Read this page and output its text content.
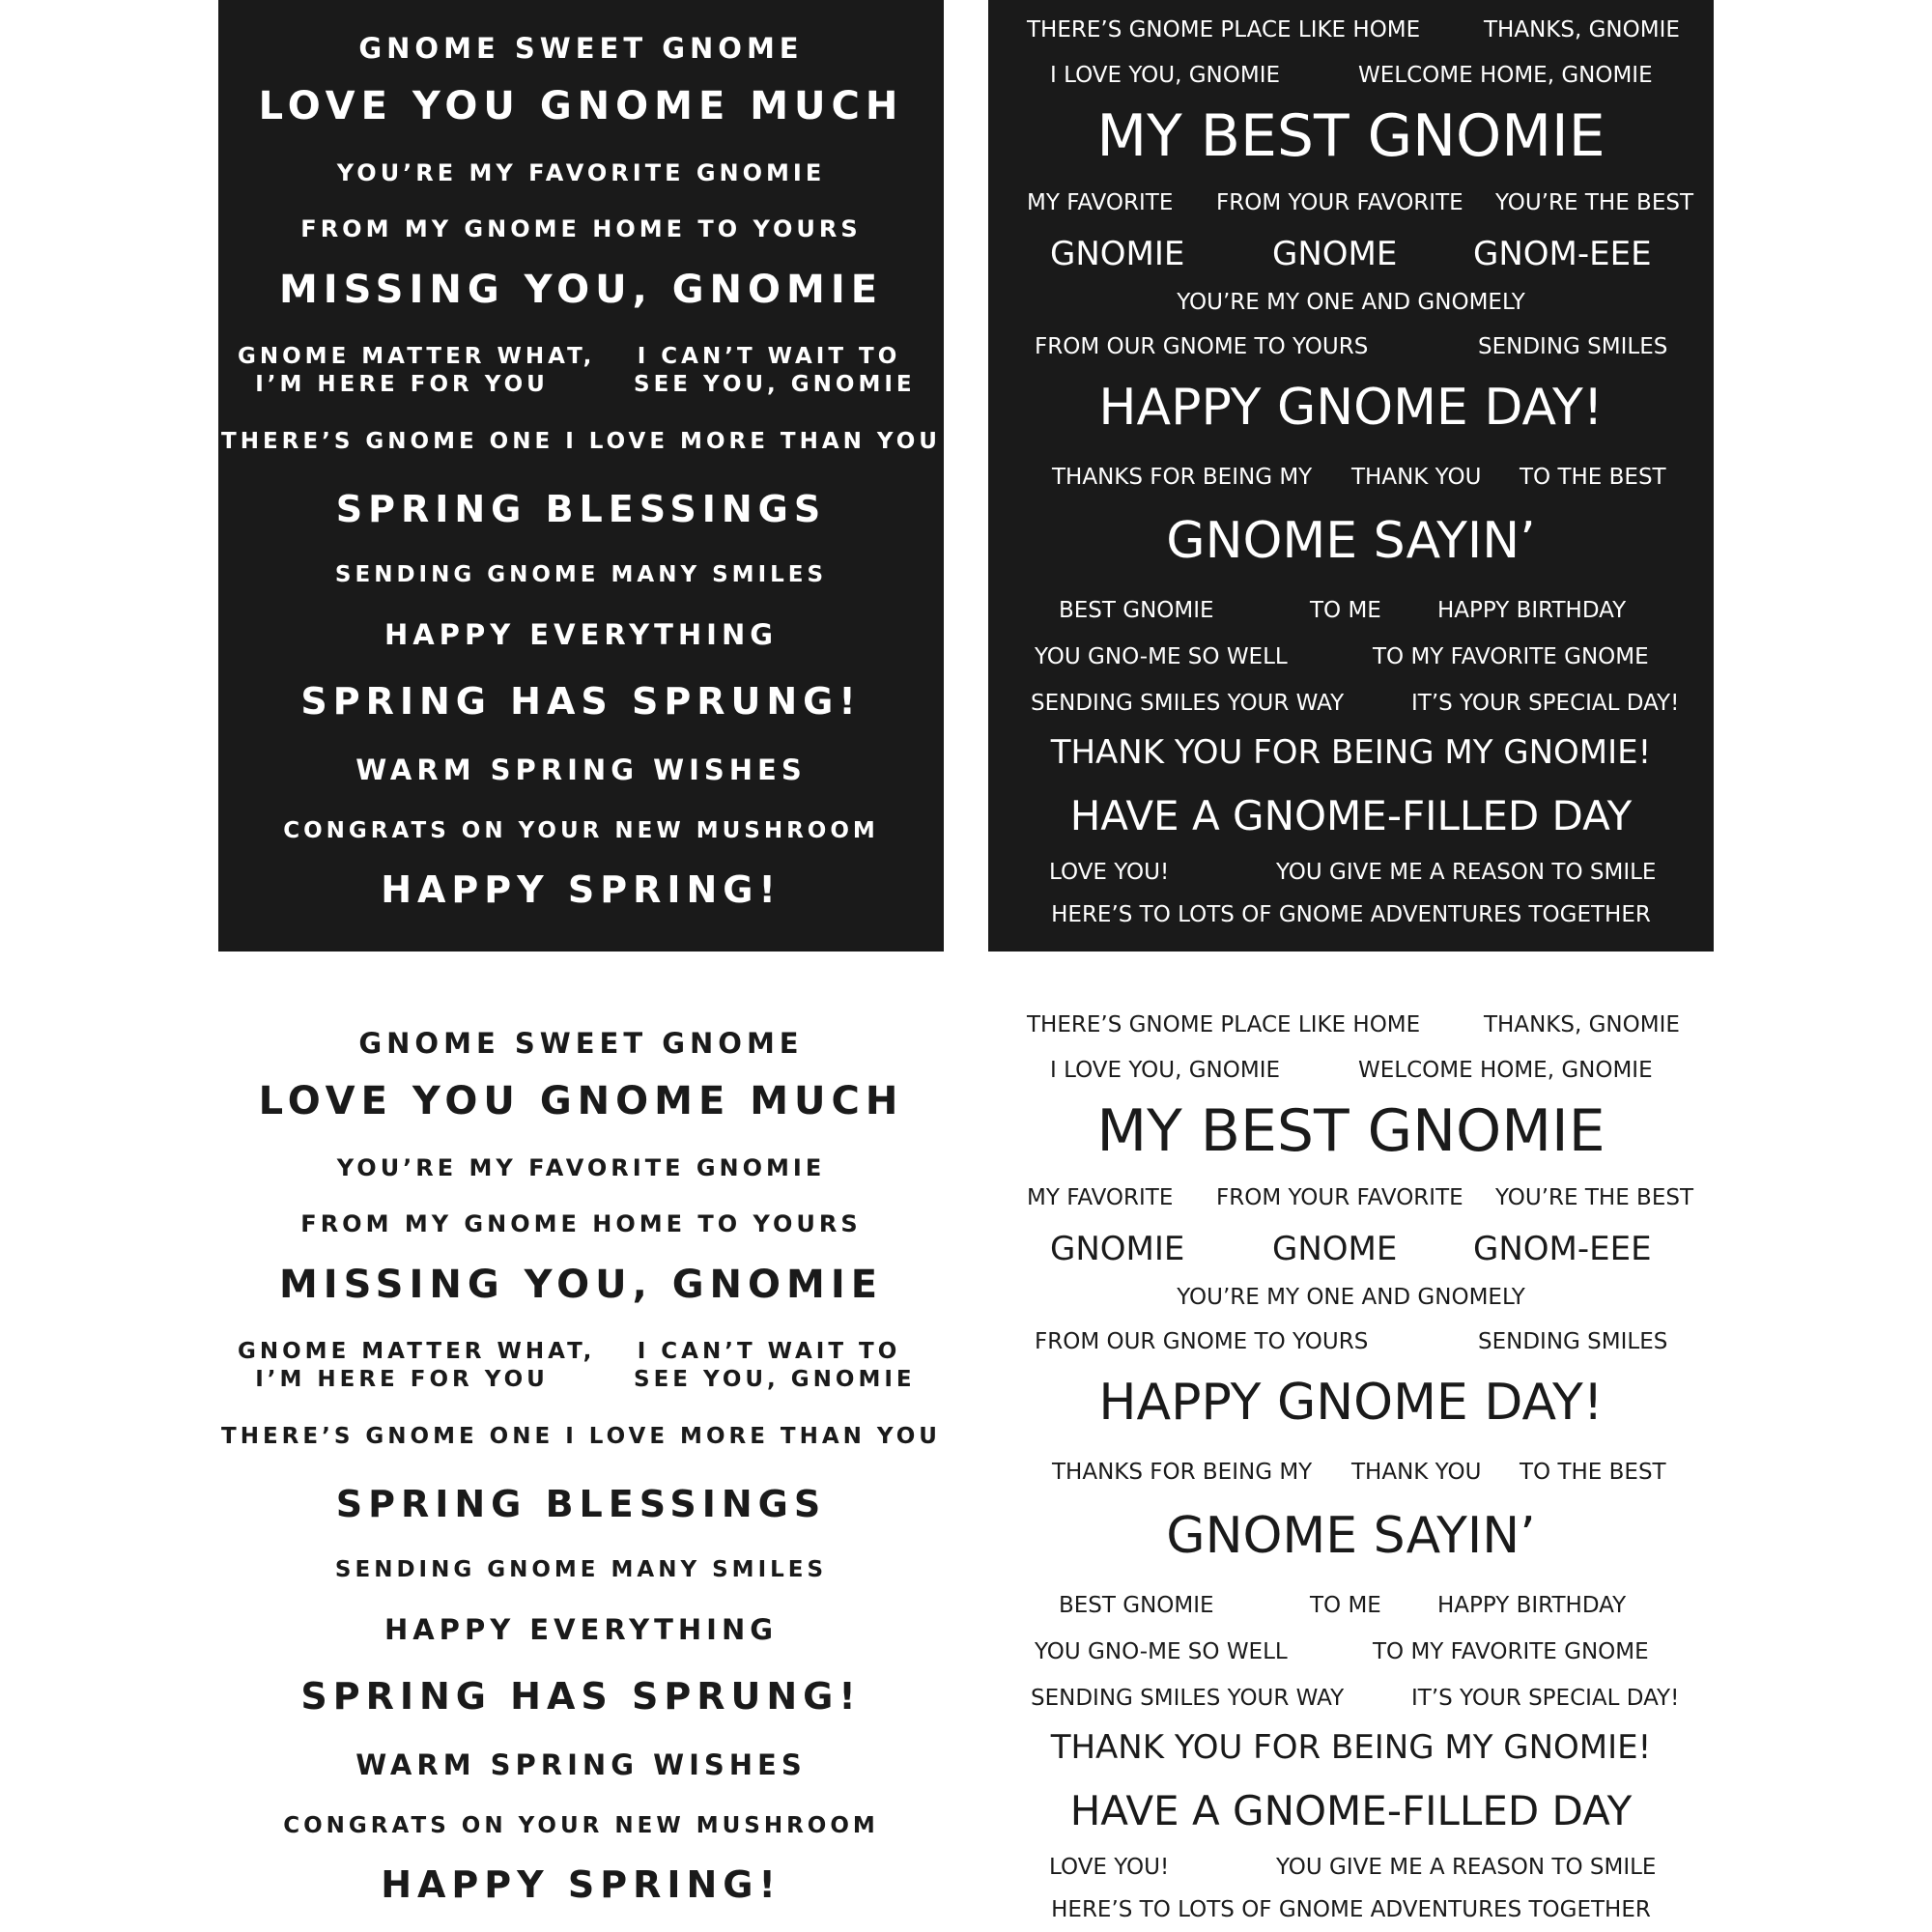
GNOME SWEET GNOME
LOVE YOU GNOME MUCH
YOU’RE MY FAVORITE GNOMIE
FROM MY GNOME HOME TO YOURS
MISSING YOU, GNOMIE
GNOME MATTER WHAT,
I’M HERE FOR YOU
I CAN’T WAIT TO
SEE YOU, GNOMIE
THERE’S GNOME ONE I LOVE MORE THAN YOU
SPRING BLESSINGS
SENDING GNOME MANY SMILES
HAPPY EVERYTHING
SPRING HAS SPRUNG!
WARM SPRING WISHES
CONGRATS ON YOUR NEW MUSHROOM
HAPPY SPRING!
THERE’S GNOME PLACE LIKE HOME	THANKS, GNOMIE
I LOVE YOU, GNOMIE	WELCOME HOME, GNOMIE
MY BEST GNOMIE
MY FAVORITE FROM YOUR FAVORITE YOU’RE THE BEST
GNOMIE	GNOME GNOM-EEE
YOU’RE MY ONE AND GNOMELY
FROM OUR GNOME TO YOURS	SENDING SMILES
HAPPY GNOME DAY!
THANKS FOR BEING MY THANK YOU TO THE BEST
GNOME SAYIN’
BEST GNOMIE	TO ME	HAPPY BIRTHDAY
YOU GNO-ME SO WELL	TO MY FAVORITE GNOME
SENDING SMILES YOUR WAY	IT’S YOUR SPECIAL DAY!
THANK YOU FOR BEING MY GNOMIE!
HAVE A GNOME-FILLED DAY
LOVE YOU!	YOU GIVE ME A REASON TO SMILE
HERE’S TO LOTS OF GNOME ADVENTURES TOGETHER
GNOME SWEET GNOME
LOVE YOU GNOME MUCH
YOU’RE MY FAVORITE GNOMIE
FROM MY GNOME HOME TO YOURS
MISSING YOU, GNOMIE
GNOME MATTER WHAT,
I’M HERE FOR YOU
I CAN’T WAIT TO
SEE YOU, GNOMIE
THERE’S GNOME ONE I LOVE MORE THAN YOU
SPRING BLESSINGS
SENDING GNOME MANY SMILES
HAPPY EVERYTHING
SPRING HAS SPRUNG!
WARM SPRING WISHES
CONGRATS ON YOUR NEW MUSHROOM
HAPPY SPRING!
THERE’S GNOME PLACE LIKE HOME	THANKS, GNOMIE
I LOVE YOU, GNOMIE	WELCOME HOME, GNOMIE
MY BEST GNOMIE
MY FAVORITE FROM YOUR FAVORITE YOU’RE THE BEST
GNOMIE	GNOME GNOM-EEE
YOU’RE MY ONE AND GNOMELY
FROM OUR GNOME TO YOURS	SENDING SMILES
HAPPY GNOME DAY!
THANKS FOR BEING MY THANK YOU TO THE BEST
GNOME SAYIN’
BEST GNOMIE	TO ME	HAPPY BIRTHDAY
YOU GNO-ME SO WELL	TO MY FAVORITE GNOME
SENDING SMILES YOUR WAY	IT’S YOUR SPECIAL DAY!
THANK YOU FOR BEING MY GNOMIE!
HAVE A GNOME-FILLED DAY
LOVE YOU!	YOU GIVE ME A REASON TO SMILE
HERE’S TO LOTS OF GNOME ADVENTURES TOGETHER
